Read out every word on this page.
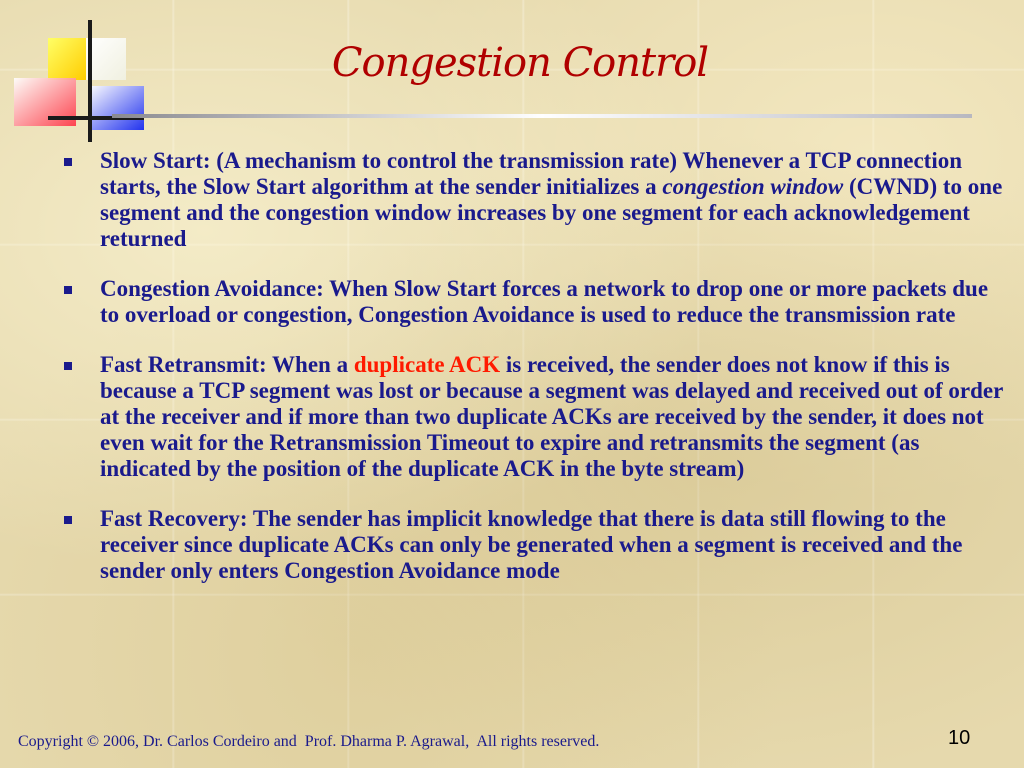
Congestion Control
Slow Start: (A mechanism to control the transmission rate) Whenever a TCP connection starts, the Slow Start algorithm at the sender initializes a congestion window (CWND) to one segment and the congestion window increases by one segment for each acknowledgement returned
Congestion Avoidance: When Slow Start forces a network to drop one or more packets due to overload or congestion, Congestion Avoidance is used to reduce the transmission rate
Fast Retransmit: When a duplicate ACK is received, the sender does not know if this is because a TCP segment was lost or because a segment was delayed and received out of order at the receiver and if more than two duplicate ACKs are received by the sender, it does not even wait for the Retransmission Timeout to expire and retransmits the segment (as indicated by the position of the duplicate ACK in the byte stream)
Fast Recovery: The sender has implicit knowledge that there is data still flowing to the receiver since duplicate ACKs can only be generated when a segment is received and the sender only enters Congestion Avoidance mode
Copyright © 2006, Dr. Carlos Cordeiro and  Prof. Dharma P. Agrawal,  All rights reserved.	10
